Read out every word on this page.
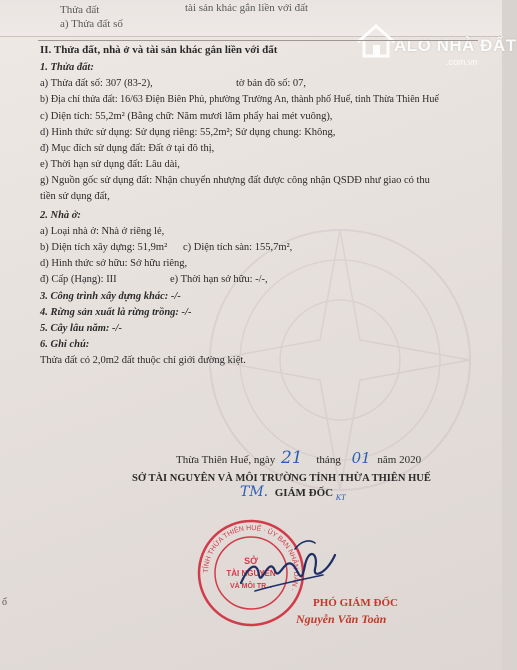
Thửa đất
a) Thửa đất số
tài sản khác gắn liền với đất
ALO NHÀ ĐẤT
.com.vn
II. Thửa đất, nhà ở và tài sản khác gắn liền với đất
1. Thửa đất:
a) Thửa đất số: 307 (83-2),	tờ bản đồ số: 07,
b) Địa chỉ thửa đất: 16/63 Điện Biên Phủ, phường Trường An, thành phố Huế, tỉnh Thừa Thiên Huế
c) Diện tích: 55,2m² (Bằng chữ: Năm mươi lăm phẩy hai mét vuông),
d) Hình thức sử dụng: Sử dụng riêng: 55,2m²; Sử dụng chung: Không,
đ) Mục đích sử dụng đất: Đất ở tại đô thị,
e) Thời hạn sử dụng đất: Lâu dài,
g) Nguồn gốc sử dụng đất: Nhận chuyển nhượng đất được công nhận QSDĐ như giao có thu
tiền sử dụng đất,
2. Nhà ở:
a) Loại nhà ở: Nhà ở riêng lẻ,
b) Diện tích xây dựng: 51,9m² c) Diện tích sàn: 155,7m²,
d) Hình thức sở hữu: Sở hữu riêng,
đ) Cấp (Hạng): III	e) Thời hạn sở hữu: -/-,
3. Công trình xây dựng khác: -/-
4. Rừng sản xuất là rừng trồng: -/-
5. Cây lâu năm: -/-
6. Ghi chú:
Thửa đất có 2,0m2 đất thuộc chỉ giới đường kiệt.
Thừa Thiên Huế, ngày 21 tháng 01 năm 2020
SỞ TÀI NGUYÊN VÀ MÔI TRƯỜNG TỈNH THỪA THIÊN HUẾ
TM. GIÁM ĐỐC $_{KT}$
TỈNH THỪA THIÊN HUẾ · ỦY BAN NHÂN DÂN ·
SỞ
TÀI NGUYÊN
VÀ MÔI TR...
PHÓ GIÁM ĐỐC
Nguyễn Văn Toàn
ổ
